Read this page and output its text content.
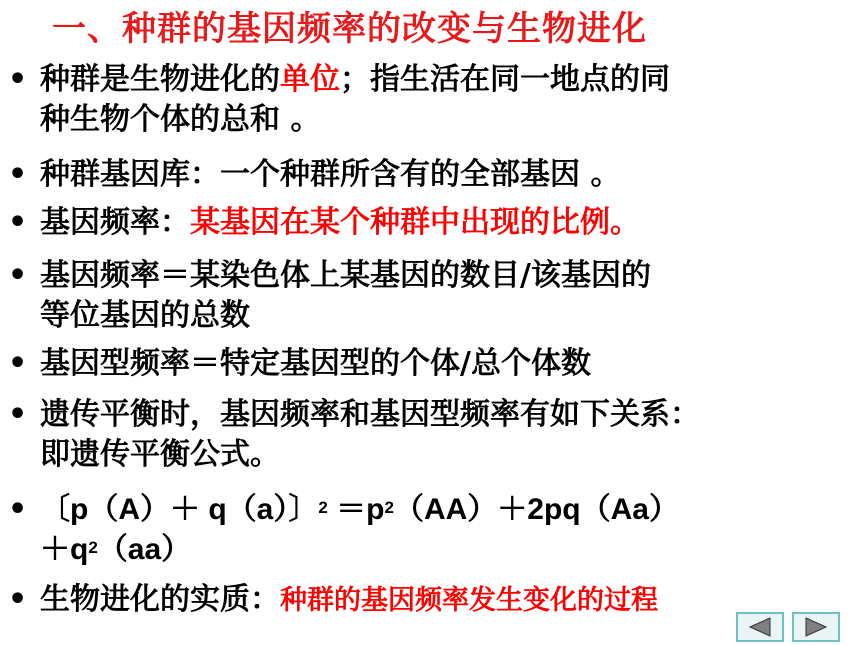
一、种群的基因频率的改变与生物进化
• 种群是生物进化的单位；指生活在同一地点的同
种生物个体的总和 。
• 种群基因库：一个种群所含有的全部基因 。
• 基因频率：某基因在某个种群中出现的比例。
• 基因频率＝某染色体上某基因的数目/该基因的
等位基因的总数
• 基因型频率＝特定基因型的个体/总个体数
• 遗传平衡时，基因频率和基因型频率有如下关系：
即遗传平衡公式。
• 〔p（A）＋ q（a）〕$^2 =p^2(AA)+2pq(Aa)$
$+q^2(aa)$
• 生物进化的实质：种群的基因频率发生变化的过程
